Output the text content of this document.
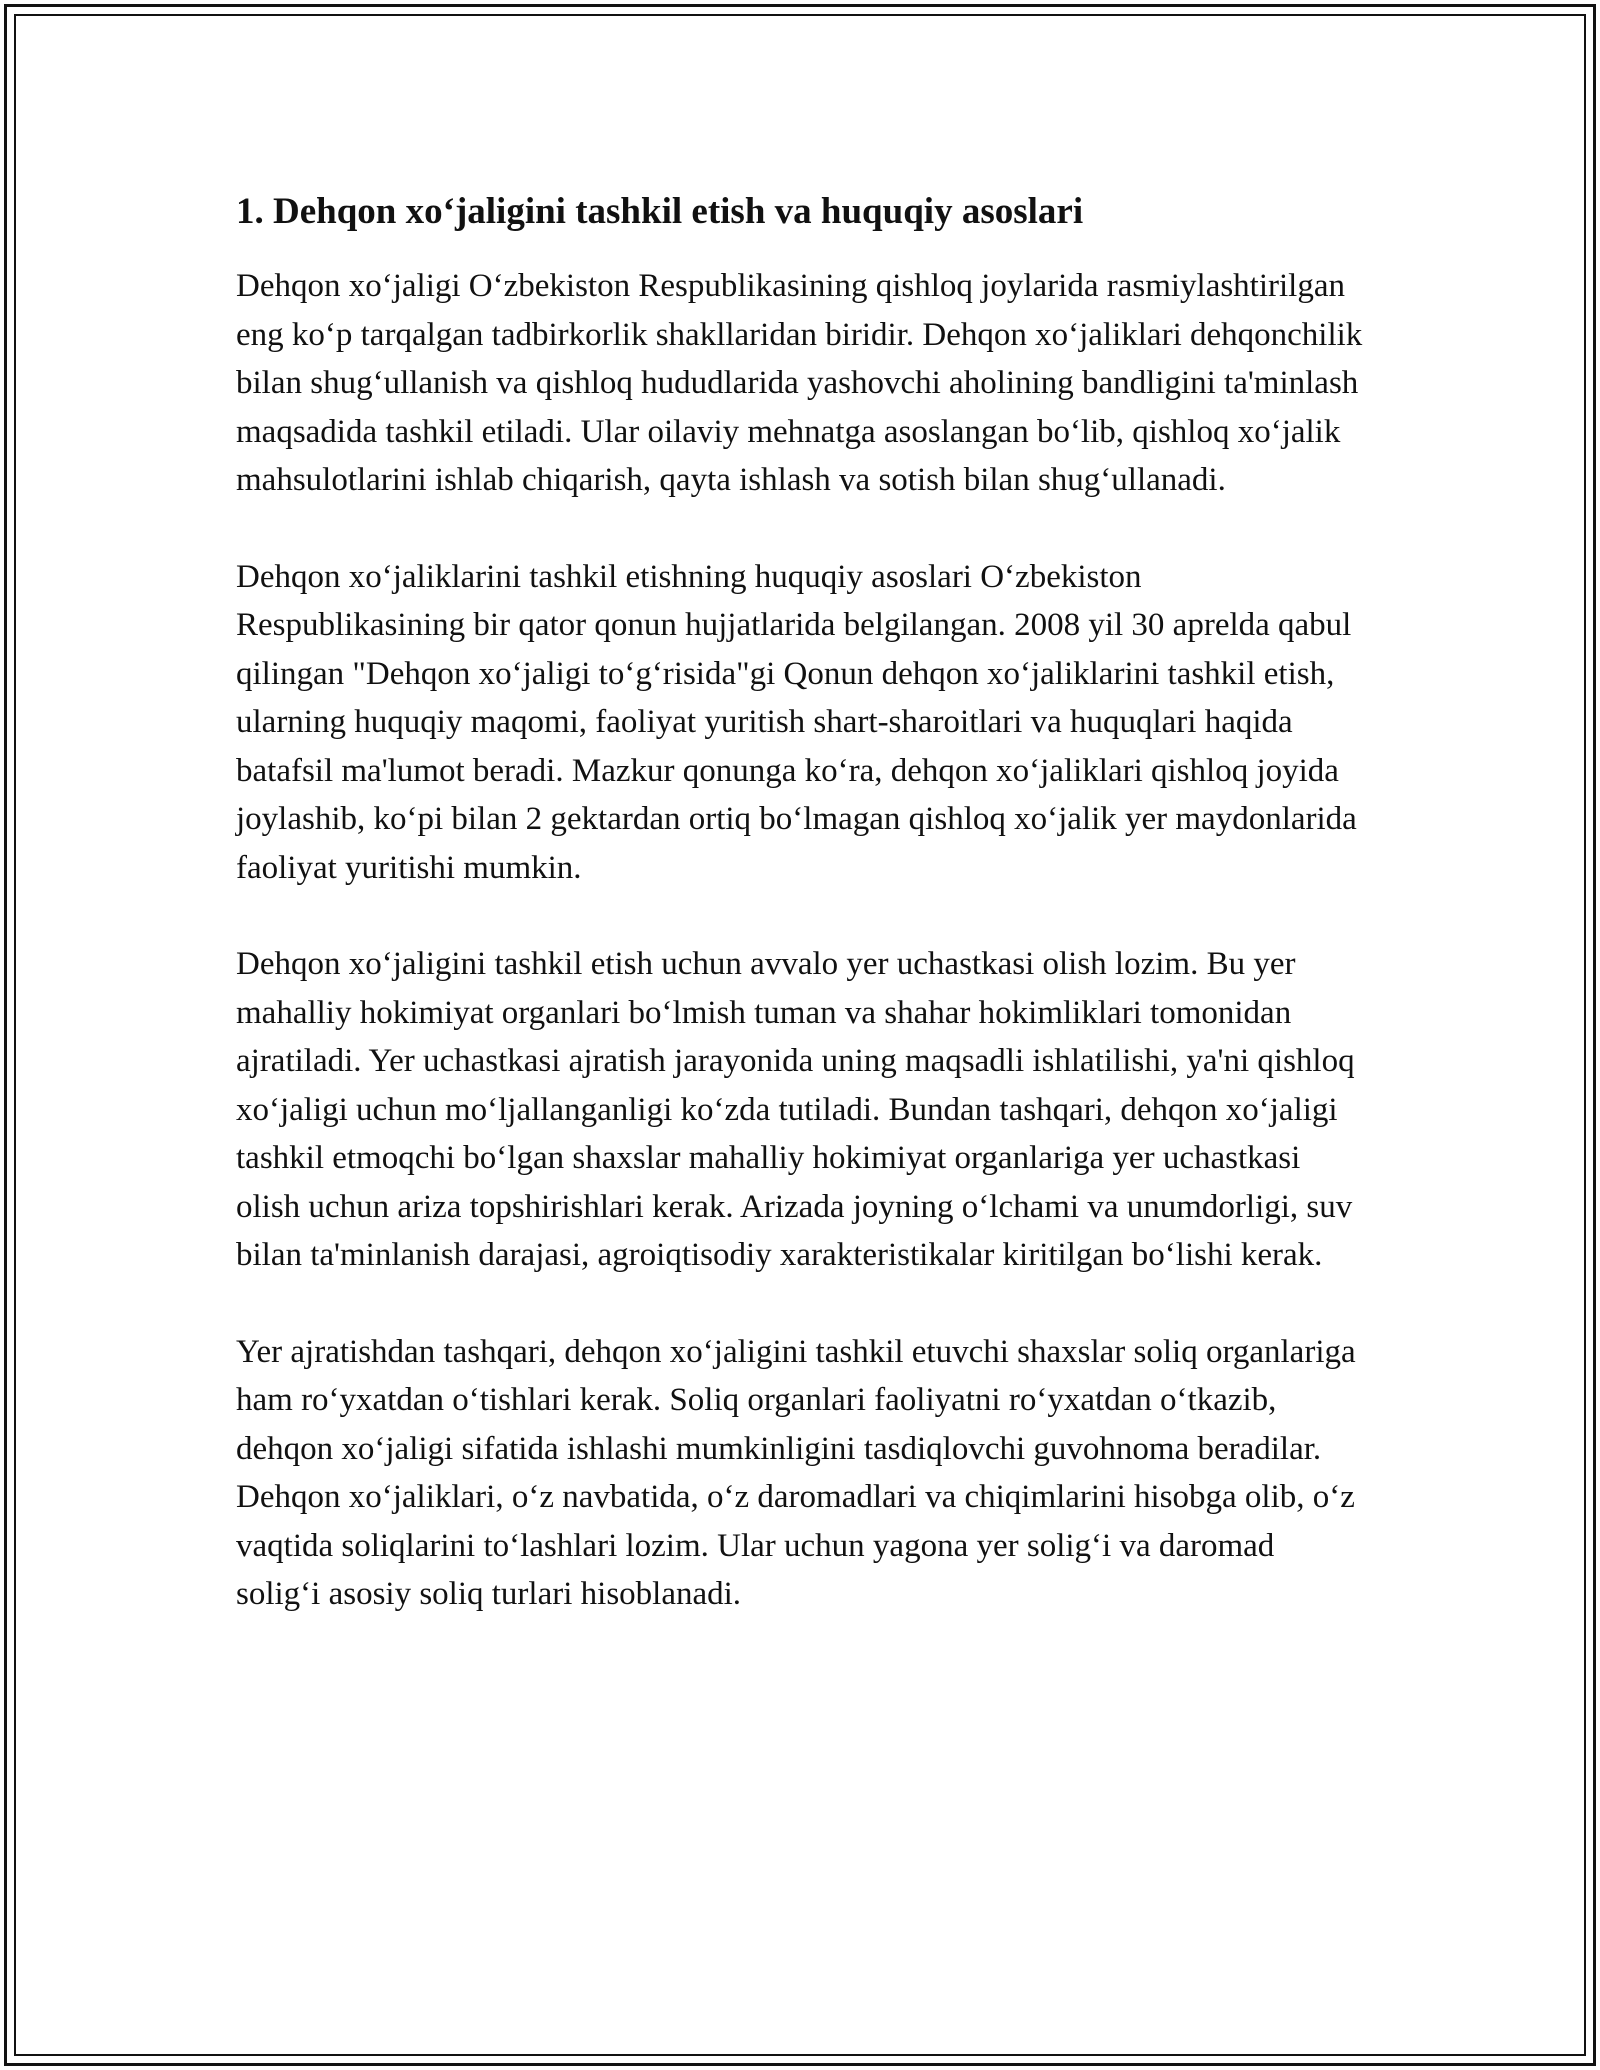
1. Dehqon xo‘jaligini tashkil etish va huquqiy asoslari

Dehqon xo‘jaligi O‘zbekiston Respublikasining qishloq joylarida rasmiylashtirilgan eng ko‘p tarqalgan tadbirkorlik shakllaridan biridir. Dehqon xo‘jaliklari dehqonchilik bilan shug‘ullanish va qishloq hududlarida yashovchi aholining bandligini ta'minlash maqsadida tashkil etiladi. Ular oilaviy mehnatga asoslangan bo‘lib, qishloq xo‘jalik mahsulotlarini ishlab chiqarish, qayta ishlash va sotish bilan shug‘ullanadi.

Dehqon xo‘jaliklarini tashkil etishning huquqiy asoslari O‘zbekiston Respublikasining bir qator qonun hujjatlarida belgilangan. 2008 yil 30 aprelda qabul qilingan "Dehqon xo‘jaligi to‘g‘risida"gi Qonun dehqon xo‘jaliklarini tashkil etish, ularning huquqiy maqomi, faoliyat yuritish shart-sharoitlari va huquqlari haqida batafsil ma'lumot beradi. Mazkur qonunga ko‘ra, dehqon xo‘jaliklari qishloq joyida joylashib, ko‘pi bilan 2 gektardan ortiq bo‘lmagan qishloq xo‘jalik yer maydonlarida faoliyat yuritishi mumkin.

Dehqon xo‘jaligini tashkil etish uchun avvalo yer uchastkasi olish lozim. Bu yer mahalliy hokimiyat organlari bo‘lmish tuman va shahar hokimliklari tomonidan ajratiladi. Yer uchastkasi ajratish jarayonida uning maqsadli ishlatilishi, ya'ni qishloq xo‘jaligi uchun mo‘ljallanganligi ko‘zda tutiladi. Bundan tashqari, dehqon xo‘jaligi tashkil etmoqchi bo‘lgan shaxslar mahalliy hokimiyat organlariga yer uchastkasi olish uchun ariza topshirishlari kerak. Arizada joyning o‘lchami va unumdorligi, suv bilan ta'minlanish darajasi, agroiqtisodiy xarakteristikalar kiritilgan bo‘lishi kerak.

Yer ajratishdan tashqari, dehqon xo‘jaligini tashkil etuvchi shaxslar soliq organlariga ham ro‘yxatdan o‘tishlari kerak. Soliq organlari faoliyatni ro‘yxatdan o‘tkazib, dehqon xo‘jaligi sifatida ishlashi mumkinligini tasdiqlovchi guvohnoma beradilar. Dehqon xo‘jaliklari, o‘z navbatida, o‘z daromadlari va chiqimlarini hisobga olib, o‘z vaqtida soliqlarini to‘lashlari lozim. Ular uchun yagona yer solig‘i va daromad solig‘i asosiy soliq turlari hisoblanadi.
